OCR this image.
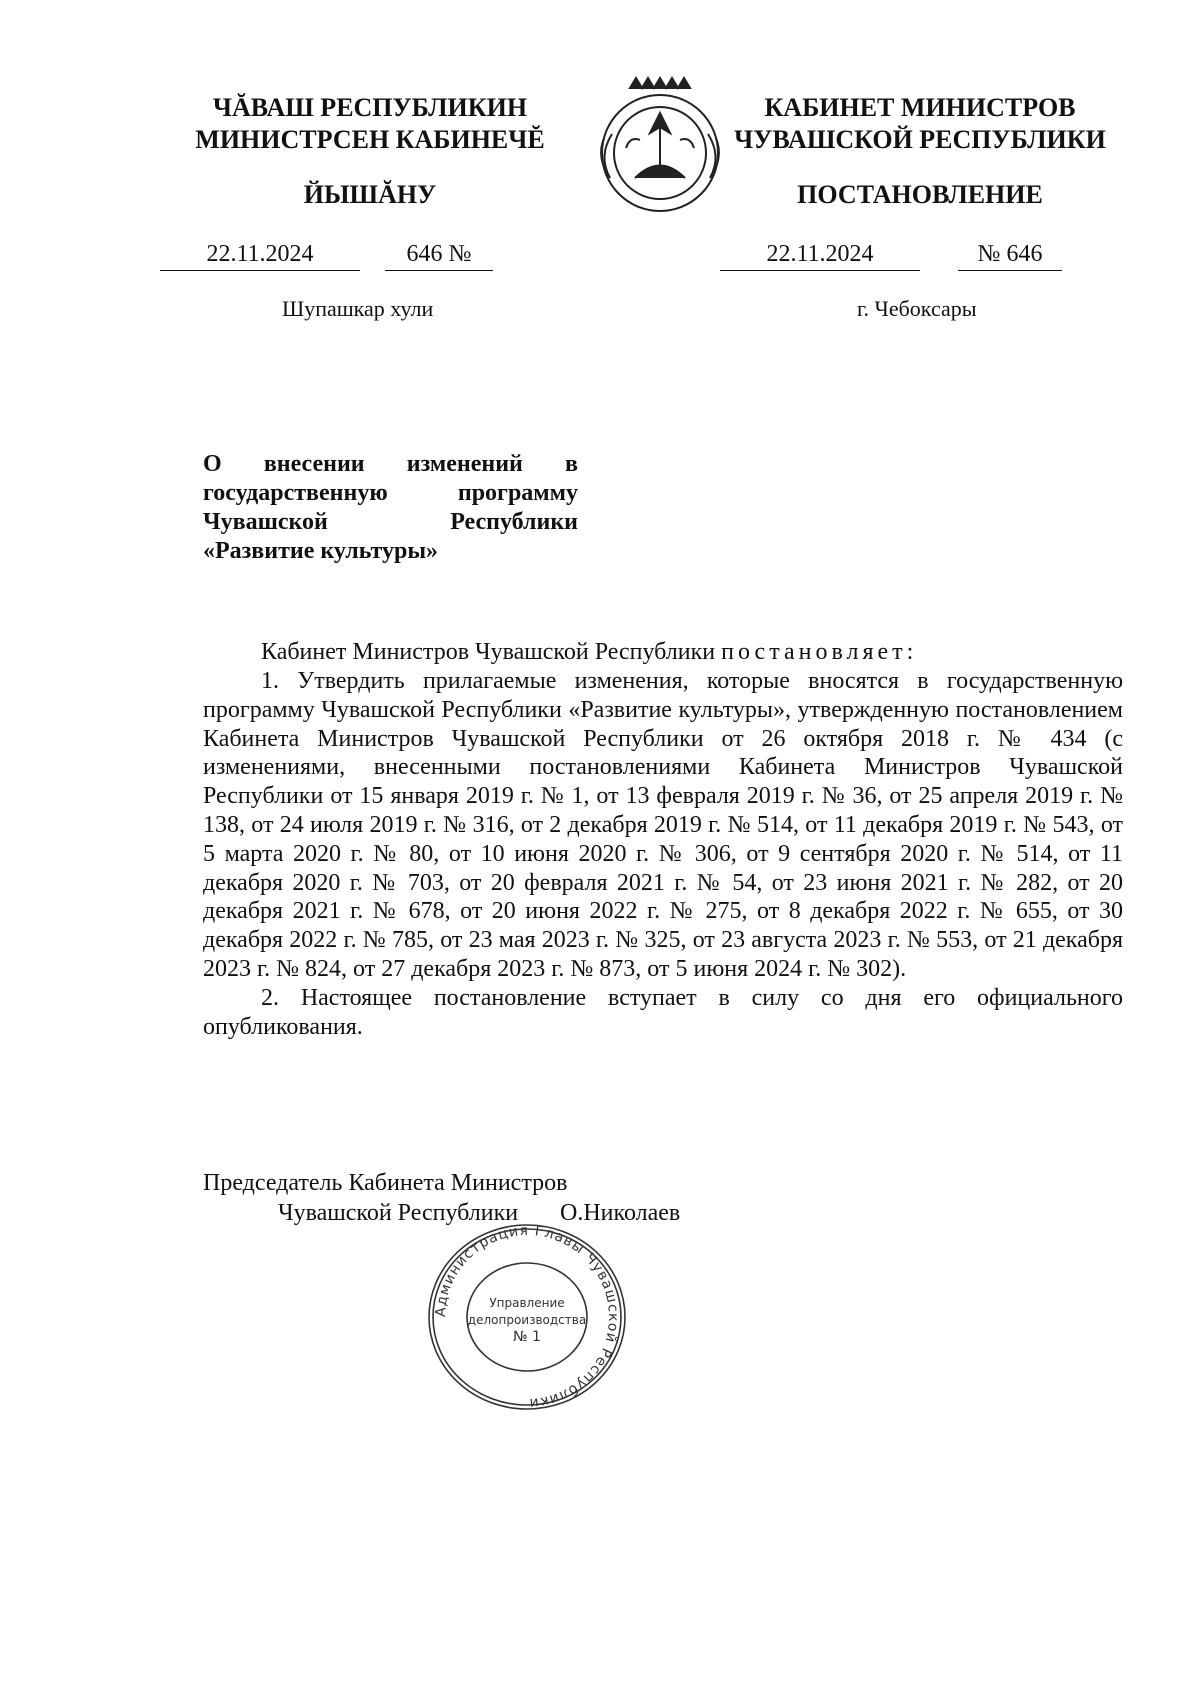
ЧĂВАШ РЕСПУБЛИКИН
МИНИСТРСЕН КАБИНЕЧĔ
ЙЫШĂНУ
КАБИНЕТ МИНИСТРОВ
ЧУВАШСКОЙ РЕСПУБЛИКИ
ПОСТАНОВЛЕНИЕ
22.11.2024	646 №	22.11.2024	№ 646
Шупашкар хули	г. Чебоксары
О внесении изменений в государственную программу Чувашской Республики «Развитие культуры»

Кабинет Министров Чувашской Республики постановляет:

1. Утвердить прилагаемые изменения, которые вносятся в государственную программу Чувашской Республики «Развитие культуры», утвержденную постановлением Кабинета Министров Чувашской Республики от 26 октября 2018 г. № 434 (с изменениями, внесенными постановлениями Кабинета Министров Чувашской Республики от 15 января 2019 г. № 1, от 13 февраля 2019 г. № 36, от 25 апреля 2019 г. № 138, от 24 июля 2019 г. № 316, от 2 декабря 2019 г. № 514, от 11 декабря 2019 г. № 543, от 5 марта 2020 г. № 80, от 10 июня 2020 г. № 306, от 9 сентября 2020 г. № 514, от 11 декабря 2020 г. № 703, от 20 февраля 2021 г. № 54, от 23 июня 2021 г. № 282, от 20 декабря 2021 г. № 678, от 20 июня 2022 г. № 275, от 8 декабря 2022 г. № 655, от 30 декабря 2022 г. № 785, от 23 мая 2023 г. № 325, от 23 августа 2023 г. № 553, от 21 декабря 2023 г. № 824, от 27 декабря 2023 г. № 873, от 5 июня 2024 г. № 302).

2. Настоящее постановление вступает в силу со дня его официального опубликования.

Председатель Кабинета Министров
Чувашской Республики О.Николаев
Администрация Главы Чувашской Республики
Управление
делопроизводства
№ 1
